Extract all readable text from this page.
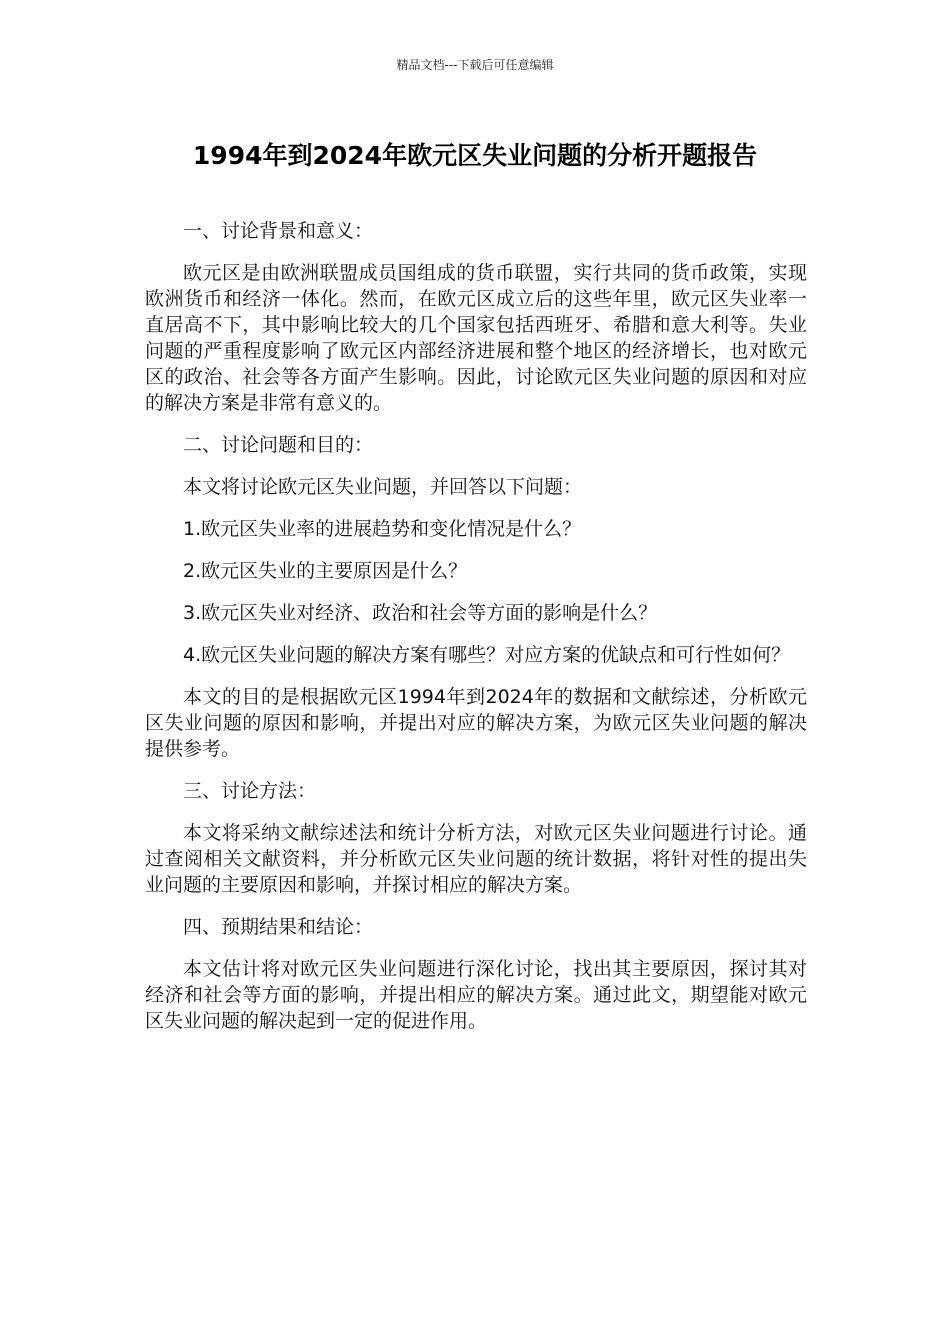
精品文档---下载后可任意编辑
1994年到2024年欧元区失业问题的分析开题报告

一、讨论背景和意义：

欧元区是由欧洲联盟成员国组成的货币联盟，实行共同的货币政策，实现欧洲货币和经济一体化。然而，在欧元区成立后的这些年里，欧元区失业率一直居高不下，其中影响比较大的几个国家包括西班牙、希腊和意大利等。失业问题的严重程度影响了欧元区内部经济进展和整个地区的经济增长，也对欧元区的政治、社会等各方面产生影响。因此，讨论欧元区失业问题的原因和对应的解决方案是非常有意义的。

二、讨论问题和目的：

本文将讨论欧元区失业问题，并回答以下问题：

1.欧元区失业率的进展趋势和变化情况是什么？

2.欧元区失业的主要原因是什么？

3.欧元区失业对经济、政治和社会等方面的影响是什么？

4.欧元区失业问题的解决方案有哪些？对应方案的优缺点和可行性如何？

本文的目的是根据欧元区1994年到2024年的数据和文献综述，分析欧元区失业问题的原因和影响，并提出对应的解决方案，为欧元区失业问题的解决提供参考。

三、讨论方法：

本文将采纳文献综述法和统计分析方法，对欧元区失业问题进行讨论。通过查阅相关文献资料，并分析欧元区失业问题的统计数据，将针对性的提出失业问题的主要原因和影响，并探讨相应的解决方案。

四、预期结果和结论：

本文估计将对欧元区失业问题进行深化讨论，找出其主要原因，探讨其对经济和社会等方面的影响，并提出相应的解决方案。通过此文，期望能对欧元区失业问题的解决起到一定的促进作用。
